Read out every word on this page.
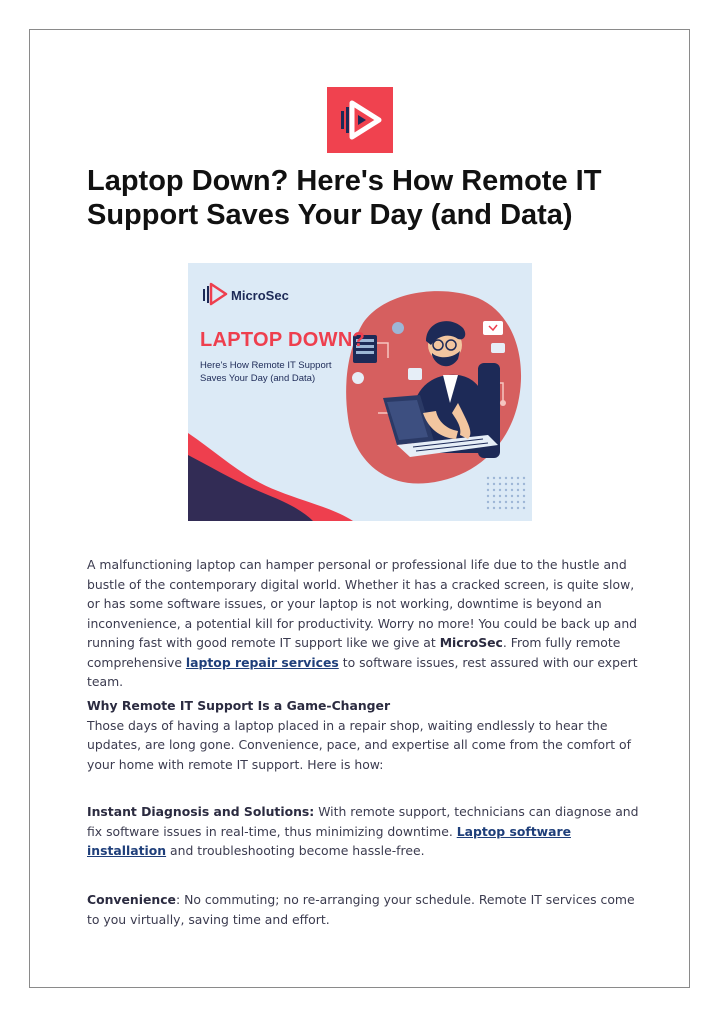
Laptop Down? Here's How Remote IT Support Saves Your Day (and Data)
MicroSec
LAPTOP DOWN?
Here's How Remote IT Support Saves Your Day (and Data)

A malfunctioning laptop can hamper personal or professional life due to the hustle and bustle of the contemporary digital world. Whether it has a cracked screen, is quite slow, or has some software issues, or your laptop is not working, downtime is beyond an inconvenience, a potential kill for productivity. Worry no more! You could be back up and running fast with good remote IT support like we give at MicroSec. From fully remote comprehensive laptop repair services to software issues, rest assured with our expert team.

Why Remote IT Support Is a Game-Changer

Those days of having a laptop placed in a repair shop, waiting endlessly to hear the updates, are long gone. Convenience, pace, and expertise all come from the comfort of your home with remote IT support. Here is how:

Instant Diagnosis and Solutions: With remote support, technicians can diagnose and fix software issues in real-time, thus minimizing downtime. Laptop software installation and troubleshooting become hassle-free.

Convenience: No commuting; no re-arranging your schedule. Remote IT services come to you virtually, saving time and effort.
